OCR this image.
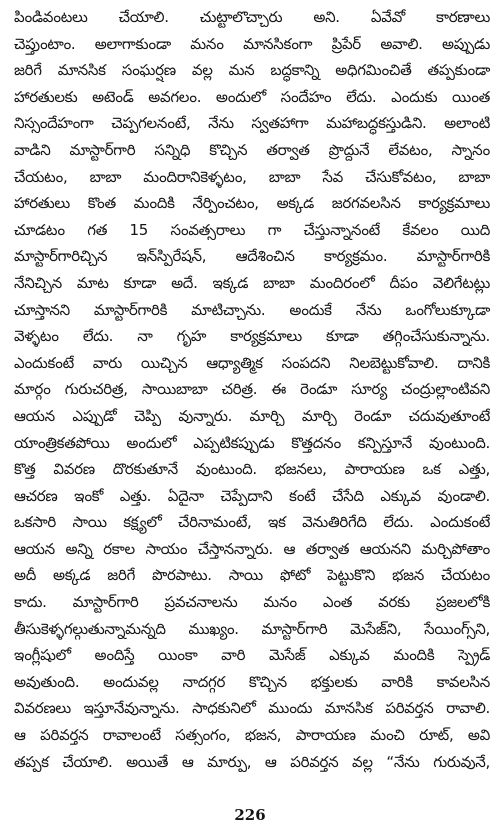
పిండివంటలు చేయాలి. చుట్టాలొచ్చారు అని. ఏవేవో కారణాలు
చెప్తుంటాం. అలాగాకుండా మనం మానసికంగా ప్రిపేర్ అవాలి. అప్పుడు
జరిగే మానసిక సంఘర్షణ వల్ల మన బద్ధకాన్ని అధిగమించితే తప్పకుండా
హారతులకు అటెండ్ అవగలం. అందులో సందేహం లేదు. ఎందుకు యింత
నిస్సందేహంగా చెప్పగలనంటే, నేను స్వతహాగా మహాబద్ధకస్తుడిని. అలాంటి
వాడిని మాస్టార్‌గారి సన్నిధి కొచ్చిన తర్వాత ప్రొద్దునే లేవటం, స్నానం
చేయటం, బాబా మందిరానికెళ్ళటం, బాబా సేవ చేసుకోవటం, బాబా
హారతులు కొంత మందికి నేర్పించటం, అక్కడ జరగవలసిన కార్యక్రమాలు
చూడటం గత 15 సంవత్సరాలు గా చేస్తున్నానంటే కేవలం యిది
మాస్టార్‌గారిచ్చిన ఇన్‌స్పిరేషన్, ఆదేశించిన కార్యక్రమం. మాస్టార్‌గారికి
నేనిచ్చిన మాట కూడా అదే. ఇక్కడ బాబా మందిరంలో దీపం వెలిగేటట్లు
చూస్తానని మాస్టార్‌గారికి మాటిచ్చాను. అందుకే నేను ఒంగోలుక్కూడా
వెళ్ళటం లేదు. నా గృహ కార్యక్రమాలు కూడా తగ్గించేసుకున్నాను.
ఎందుకంటే వారు యిచ్చిన ఆధ్యాత్మిక సంపదని నిలబెట్టుకోవాలి. దానికి
మార్గం గురుచరిత్ర, సాయిబాబా చరిత్ర. ఈ రెండూ సూర్య చంద్రుల్లాంటివని
ఆయన ఎప్పుడో చెప్పి వున్నారు. మార్చి మార్చి రెండూ చదువుతూంటే
యాంత్రికతపోయి అందులో ఎప్పటికప్పుడు కొత్తదనం కన్పిస్తూనే వుంటుంది.
కొత్త వివరణ దొరకుతూనే వుంటుంది. భజనలు, పారాయణ ఒక ఎత్తు,
ఆచరణ ఇంకో ఎత్తు. ఏదైనా చెప్పేదాని కంటే చేసేది ఎక్కువ వుండాలి.
ఒకసారి సాయి కక్ష్యలో చేరినామంటే, ఇక వెనుతిరిగేది లేదు. ఎందుకంటే
ఆయన అన్ని రకాల సాయం చేస్తానన్నారు. ఆ తర్వాత ఆయనని మర్చిపోతాం
అదీ అక్కడ జరిగే పొరపాటు. సాయి ఫోటో పెట్టుకొని భజన చేయటం
కాదు. మాస్టార్‌గారి ప్రవచనాలను మనం ఎంత వరకు ప్రజలలోకి
తీసుకెళ్ళగల్గుతున్నామన్నది ముఖ్యం. మాస్టార్‌గారి మెసేజ్‌ని, సేయింగ్స్‌ని,
ఇంగ్లీషులో అందిస్తే యింకా వారి మెసేజ్ ఎక్కువ మందికి స్ప్రెడ్
అవుతుంది. అందువల్ల నాదగ్గర కొచ్చిన భక్తులకు వారికి కావలసిన
వివరణలు ఇస్తూనేవున్నాను. సాధకునిలో ముందు మానసిక పరివర్తన రావాలి.
ఆ పరివర్తన రావాలంటే సత్సంగం, భజన, పారాయణ మంచి రూట్, అవి
తప్పక చేయాలి. అయితే ఆ మార్పు, ఆ పరివర్తన వల్ల “నేను గురువునే,
226
